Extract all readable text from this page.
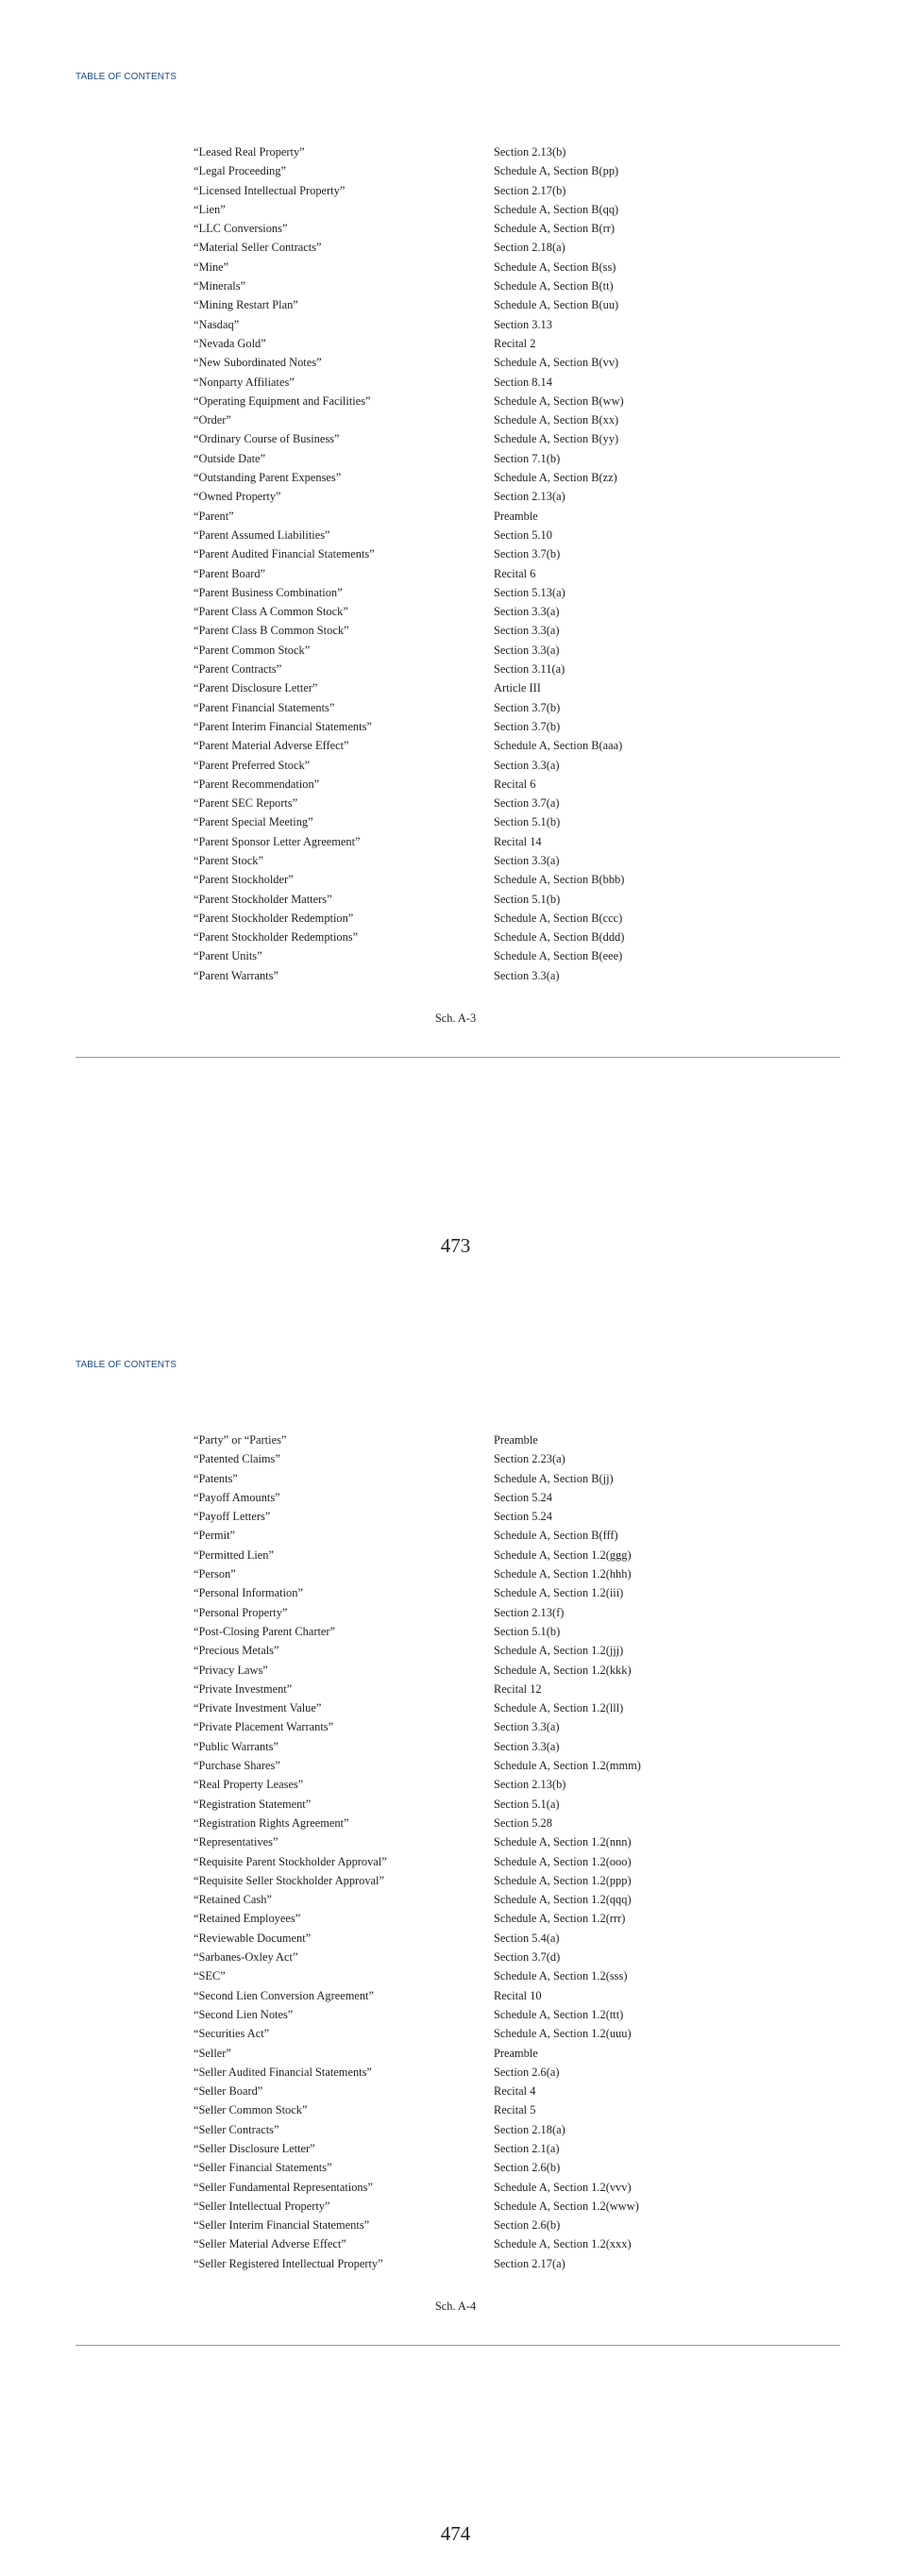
TABLE OF CONTENTS
“Leased Real Property”	Section 2.13(b)
“Legal Proceeding”	Schedule A, Section B(pp)
“Licensed Intellectual Property”	Section 2.17(b)
“Lien”	Schedule A, Section B(qq)
“LLC Conversions”	Schedule A, Section B(rr)
“Material Seller Contracts”	Section 2.18(a)
“Mine”	Schedule A, Section B(ss)
“Minerals”	Schedule A, Section B(tt)
“Mining Restart Plan”	Schedule A, Section B(uu)
“Nasdaq”	Section 3.13
“Nevada Gold”	Recital 2
“New Subordinated Notes”	Schedule A, Section B(vv)
“Nonparty Affiliates”	Section 8.14
“Operating Equipment and Facilities”	Schedule A, Section B(ww)
“Order”	Schedule A, Section B(xx)
“Ordinary Course of Business”	Schedule A, Section B(yy)
“Outside Date”	Section 7.1(b)
“Outstanding Parent Expenses”	Schedule A, Section B(zz)
“Owned Property”	Section 2.13(a)
“Parent”	Preamble
“Parent Assumed Liabilities”	Section 5.10
“Parent Audited Financial Statements”	Section 3.7(b)
“Parent Board”	Recital 6
“Parent Business Combination”	Section 5.13(a)
“Parent Class A Common Stock”	Section 3.3(a)
“Parent Class B Common Stock”	Section 3.3(a)
“Parent Common Stock”	Section 3.3(a)
“Parent Contracts”	Section 3.11(a)
“Parent Disclosure Letter”	Article III
“Parent Financial Statements”	Section 3.7(b)
“Parent Interim Financial Statements”	Section 3.7(b)
“Parent Material Adverse Effect”	Schedule A, Section B(aaa)
“Parent Preferred Stock”	Section 3.3(a)
“Parent Recommendation”	Recital 6
“Parent SEC Reports”	Section 3.7(a)
“Parent Special Meeting”	Section 5.1(b)
“Parent Sponsor Letter Agreement”	Recital 14
“Parent Stock”	Section 3.3(a)
“Parent Stockholder”	Schedule A, Section B(bbb)
“Parent Stockholder Matters”	Section 5.1(b)
“Parent Stockholder Redemption”	Schedule A, Section B(ccc)
“Parent Stockholder Redemptions”	Schedule A, Section B(ddd)
“Parent Units”	Schedule A, Section B(eee)
“Parent Warrants”	Section 3.3(a)
Sch. A-3
473
TABLE OF CONTENTS
“Party” or “Parties”	Preamble
“Patented Claims”	Section 2.23(a)
“Patents”	Schedule A, Section B(jj)
“Payoff Amounts”	Section 5.24
“Payoff Letters”	Section 5.24
“Permit”	Schedule A, Section B(fff)
“Permitted Lien”	Schedule A, Section 1.2(ggg)
“Person”	Schedule A, Section 1.2(hhh)
“Personal Information”	Schedule A, Section 1.2(iii)
“Personal Property”	Section 2.13(f)
“Post-Closing Parent Charter”	Section 5.1(b)
“Precious Metals”	Schedule A, Section 1.2(jjj)
“Privacy Laws”	Schedule A, Section 1.2(kkk)
“Private Investment”	Recital 12
“Private Investment Value”	Schedule A, Section 1.2(lll)
“Private Placement Warrants”	Section 3.3(a)
“Public Warrants”	Section 3.3(a)
“Purchase Shares”	Schedule A, Section 1.2(mmm)
“Real Property Leases”	Section 2.13(b)
“Registration Statement”	Section 5.1(a)
“Registration Rights Agreement”	Section 5.28
“Representatives”	Schedule A, Section 1.2(nnn)
“Requisite Parent Stockholder Approval”	Schedule A, Section 1.2(ooo)
“Requisite Seller Stockholder Approval”	Schedule A, Section 1.2(ppp)
“Retained Cash”	Schedule A, Section 1.2(qqq)
“Retained Employees”	Schedule A, Section 1.2(rrr)
“Reviewable Document”	Section 5.4(a)
“Sarbanes-Oxley Act”	Section 3.7(d)
“SEC”	Schedule A, Section 1.2(sss)
“Second Lien Conversion Agreement”	Recital 10
“Second Lien Notes”	Schedule A, Section 1.2(ttt)
“Securities Act”	Schedule A, Section 1.2(uuu)
“Seller”	Preamble
“Seller Audited Financial Statements”	Section 2.6(a)
“Seller Board”	Recital 4
“Seller Common Stock”	Recital 5
“Seller Contracts”	Section 2.18(a)
“Seller Disclosure Letter”	Section 2.1(a)
“Seller Financial Statements”	Section 2.6(b)
“Seller Fundamental Representations”	Schedule A, Section 1.2(vvv)
“Seller Intellectual Property”	Schedule A, Section 1.2(www)
“Seller Interim Financial Statements”	Section 2.6(b)
“Seller Material Adverse Effect”	Schedule A, Section 1.2(xxx)
“Seller Registered Intellectual Property”	Section 2.17(a)
Sch. A-4
474
